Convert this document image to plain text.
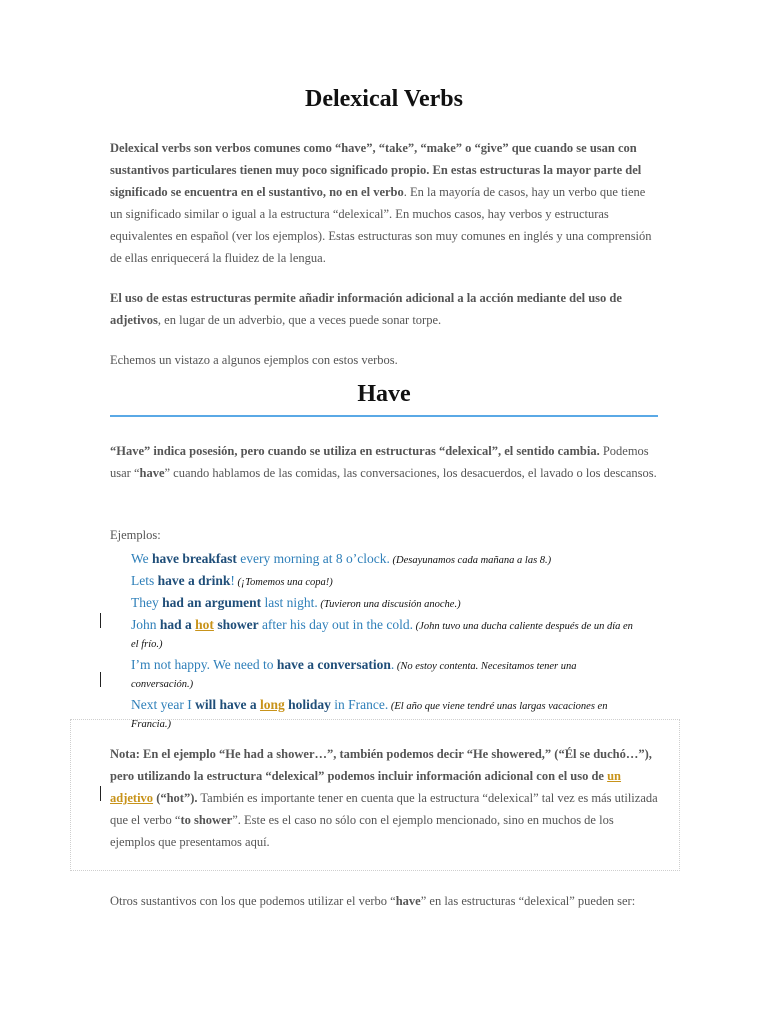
Delexical Verbs

Delexical verbs son verbos comunes como “have”, “take”, “make” o “give” que cuando se usan con sustantivos particulares tienen muy poco significado propio. En estas estructuras la mayor parte del significado se encuentra en el sustantivo, no en el verbo. En la mayoría de casos, hay un verbo que tiene un significado similar o igual a la estructura “delexical”. En muchos casos, hay verbos y estructuras equivalentes en español (ver los ejemplos). Estas estructuras son muy comunes en inglés y una comprensión de ellas enriquecerá la fluidez de la lengua.

El uso de estas estructuras permite añadir información adicional a la acción mediante del uso de adjetivos, en lugar de un adverbio, que a veces puede sonar torpe.

Echemos un vistazo a algunos ejemplos con estos verbos.

Have

“Have” indica posesión, pero cuando se utiliza en estructuras “delexical”, el sentido cambia. Podemos usar “have” cuando hablamos de las comidas, las conversaciones, los desacuerdos, el lavado o los descansos.

Ejemplos:

We have breakfast every morning at 8 o’clock. (Desayunamos cada mañana a las 8.)
Lets have a drink! (¡Tomemos una copa!)
They had an argument last night. (Tuvieron una discusión anoche.)
John had a hot shower after his day out in the cold. (John tuvo una ducha caliente después de un día en el frío.)
I’m not happy. We need to have a conversation. (No estoy contenta. Necesitamos tener una conversación.)
Next year I will have a long holiday in France. (El año que viene tendré unas largas vacaciones en Francia.)

Nota: En el ejemplo “He had a shower…”, también podemos decir “He showered,” (“Él se duchó…”), pero utilizando la estructura “delexical” podemos incluir información adicional con el uso de un adjetivo (“hot”). También es importante tener en cuenta que la estructura “delexical” tal vez es más utilizada que el verbo “to shower”. Este es el caso no sólo con el ejemplo mencionado, sino en muchos de los ejemplos que presentamos aquí.

Otros sustantivos con los que podemos utilizar el verbo “have” en las estructuras “delexical” pueden ser:
